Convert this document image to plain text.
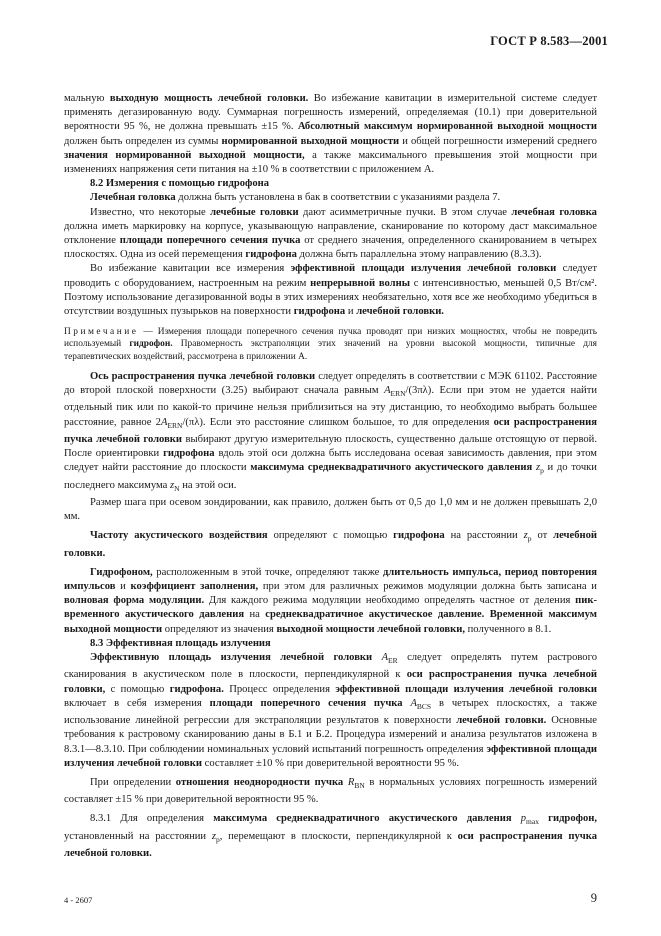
ГОСТ Р 8.583—2001

мальную выходную мощность лечебной головки. Во избежание кавитации в измерительной системе следует применять дегазированную воду. Суммарная погрешность измерений, определяемая (10.1) при доверительной вероятности 95 %, не должна превышать ±15 %. Абсолютный максимум нормированной выходной мощности должен быть определен из суммы нормированной выходной мощности и общей погрешности измерений среднего значения нормированной выходной мощности, а также максимального превышения этой мощности при изменениях напряжения сети питания на ±10 % в соответствии с приложением А.

8.2 Измерения с помощью гидрофона

Лечебная головка должна быть установлена в бак в соответствии с указаниями раздела 7.

Известно, что некоторые лечебные головки дают асимметричные пучки. В этом случае лечебная головка должна иметь маркировку на корпусе, указывающую направление, сканирование по которому даст максимальное отклонение площади поперечного сечения пучка от среднего значения, определенного сканированием в четырех плоскостях. Одна из осей перемещения гидрофона должна быть параллельна этому направлению (8.3.3).

Во избежание кавитации все измерения эффективной площади излучения лечебной головки следует проводить с оборудованием, настроенным на режим непрерывной волны с интенсивностью, меньшей 0,5 Вт/см². Поэтому использование дегазированной воды в этих измерениях необязательно, хотя все же необходимо убедиться в отсутствии воздушных пузырьков на поверхности гидрофона и лечебной головки.

Примечание — Измерения площади поперечного сечения пучка проводят при низких мощностях, чтобы не повредить используемый гидрофон. Правомерность экстраполяции этих значений на уровни высокой мощности, типичные для терапевтических воздействий, рассмотрена в приложении А.

Ось распространения пучка лечебной головки следует определять в соответствии с МЭК 61102. Расстояние до второй плоской поверхности (3.25) выбирают сначала равным $A_{ERN}/(3\pi\lambda)$. Если при этом не удается найти отдельный пик или по какой-то причине нельзя приблизиться на эту дистанцию, то необходимо выбрать большее расстояние, равное $2A_{ERN}/(\pi\lambda)$. Если это расстояние слишком большое, то для определения оси распространения пучка лечебной головки выбирают другую измерительную плоскость, существенно дальше отстоящую от первой. После ориентировки гидрофона вдоль этой оси должна быть исследована осевая зависимость давления, при этом следует найти расстояние до плоскости максимума среднеквадратичного акустического давления $z_p$ и до точки последнего максимума $z_N$ на этой оси.

Размер шага при осевом зондировании, как правило, должен быть от 0,5 до 1,0 мм и не должен превышать 2,0 мм.

Частоту акустического воздействия определяют с помощью гидрофона на расстоянии $z_p$ от лечебной головки.

Гидрофоном, расположенным в этой точке, определяют также длительность импульса, период повторения импульсов и коэффициент заполнения, при этом для различных режимов модуляции должна быть записана и волновая форма модуляции. Для каждого режима модуляции необходимо определять частное от деления пик-временного акустического давления на среднеквадратичное акустическое давление. Временной максимум выходной мощности определяют из значения выходной мощности лечебной головки, полученного в 8.1.

8.3 Эффективная площадь излучения

Эффективную площадь излучения лечебной головки $A_{ER}$ следует определять путем растрового сканирования в акустическом поле в плоскости, перпендикулярной к оси распространения пучка лечебной головки, с помощью гидрофона. Процесс определения эффективной площади излучения лечебной головки включает в себя измерения площади поперечного сечения пучка $A_{BCS}$ в четырех плоскостях, а также использование линейной регрессии для экстраполяции результатов к поверхности лечебной головки. Основные требования к растровому сканированию даны в Б.1 и Б.2. Процедура измерений и анализа результатов изложена в 8.3.1—8.3.10. При соблюдении номинальных условий испытаний погрешность определения эффективной площади излучения лечебной головки составляет ±10 % при доверительной вероятности 95 %.

При определении отношения неоднородности пучка $R_{BN}$ в нормальных условиях погрешность измерений составляет ±15 % при доверительной вероятности 95 %.

8.3.1 Для определения максимума среднеквадратичного акустического давления $p_{max}$ гидрофон, установленный на расстоянии $z_p$, перемещают в плоскости, перпендикулярной к оси распространения пучка лечебной головки.

4 - 2607	9
